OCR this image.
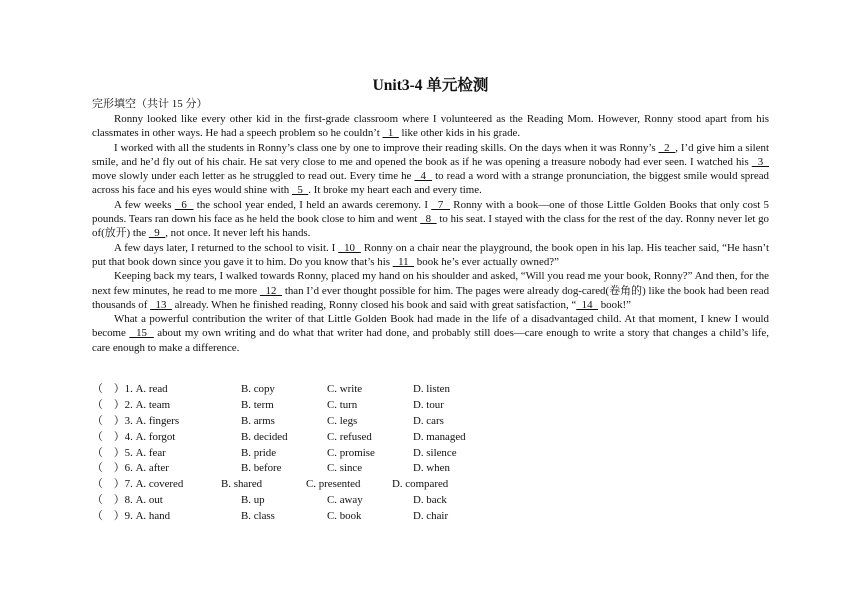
Unit3-4 单元检测
完形填空（共计 15 分）

Ronny looked like every other kid in the first-grade classroom where I volunteered as the Reading Mom. However, Ronny stood apart from his classmates in other ways. He had a speech problem so he couldn’t   1   like other kids in his grade.

I worked with all the students in Ronny’s class one by one to improve their reading skills. On the days when it was Ronny’s   2  , I’d give him a silent smile, and he’d fly out of his chair. He sat very close to me and opened the book as if he was opening a treasure nobody had ever seen. I watched his   3   move slowly under each letter as he struggled to read out. Every time he   4   to read a word with a strange pronunciation, the biggest smile would spread across his face and his eyes would shine with   5  . It broke my heart each and every time.

A few weeks   6   the school year ended, I held an awards ceremony. I   7   Ronny with a book—one of those Little Golden Books that only cost 5 pounds. Tears ran down his face as he held the book close to him and went   8   to his seat. I stayed with the class for the rest of the day. Ronny never let go of(放开) the   9  , not once. It never left his hands.

A few days later, I returned to the school to visit. I   10   Ronny on a chair near the playground, the book open in his lap. His teacher said, “He hasn’t put that book down since you gave it to him. Do you know that’s his   11   book he’s ever actually owned?”

Keeping back my tears, I walked towards Ronny, placed my hand on his shoulder and asked, “Will you read me your book, Ronny?” And then, for the next few minutes, he read to me more   12   than I’d ever thought possible for him. The pages were already dog-cared(卷角的) like the book had been read thousands of   13   already. When he finished reading, Ronny closed his book and said with great satisfaction, “  14   book!”

What a powerful contribution the writer of that Little Golden Book had made in the life of a disadvantaged child. At that moment, I knew I would become   15   about my own writing and do what that writer had done, and probably still does—care enough to write a story that changes a child’s life, care enough to make a difference.

（　）1. A. read	B. copy	C. write	D. listen
（　）2. A. team	B. term	C. turn	D. tour
（　）3. A. fingers	B. arms	C. legs	D. cars
（　）4. A. forgot	B. decided	C. refused	D. managed
（　）5. A. fear	B. pride	C. promise	D. silence
（　）6. A. after	B. before	C. since	D. when
（　）7. A. covered	B. shared	C. presented	D. compared
（　）8. A. out	B. up	C. away	D. back
（　）9. A. hand	B. class	C. book	D. chair
